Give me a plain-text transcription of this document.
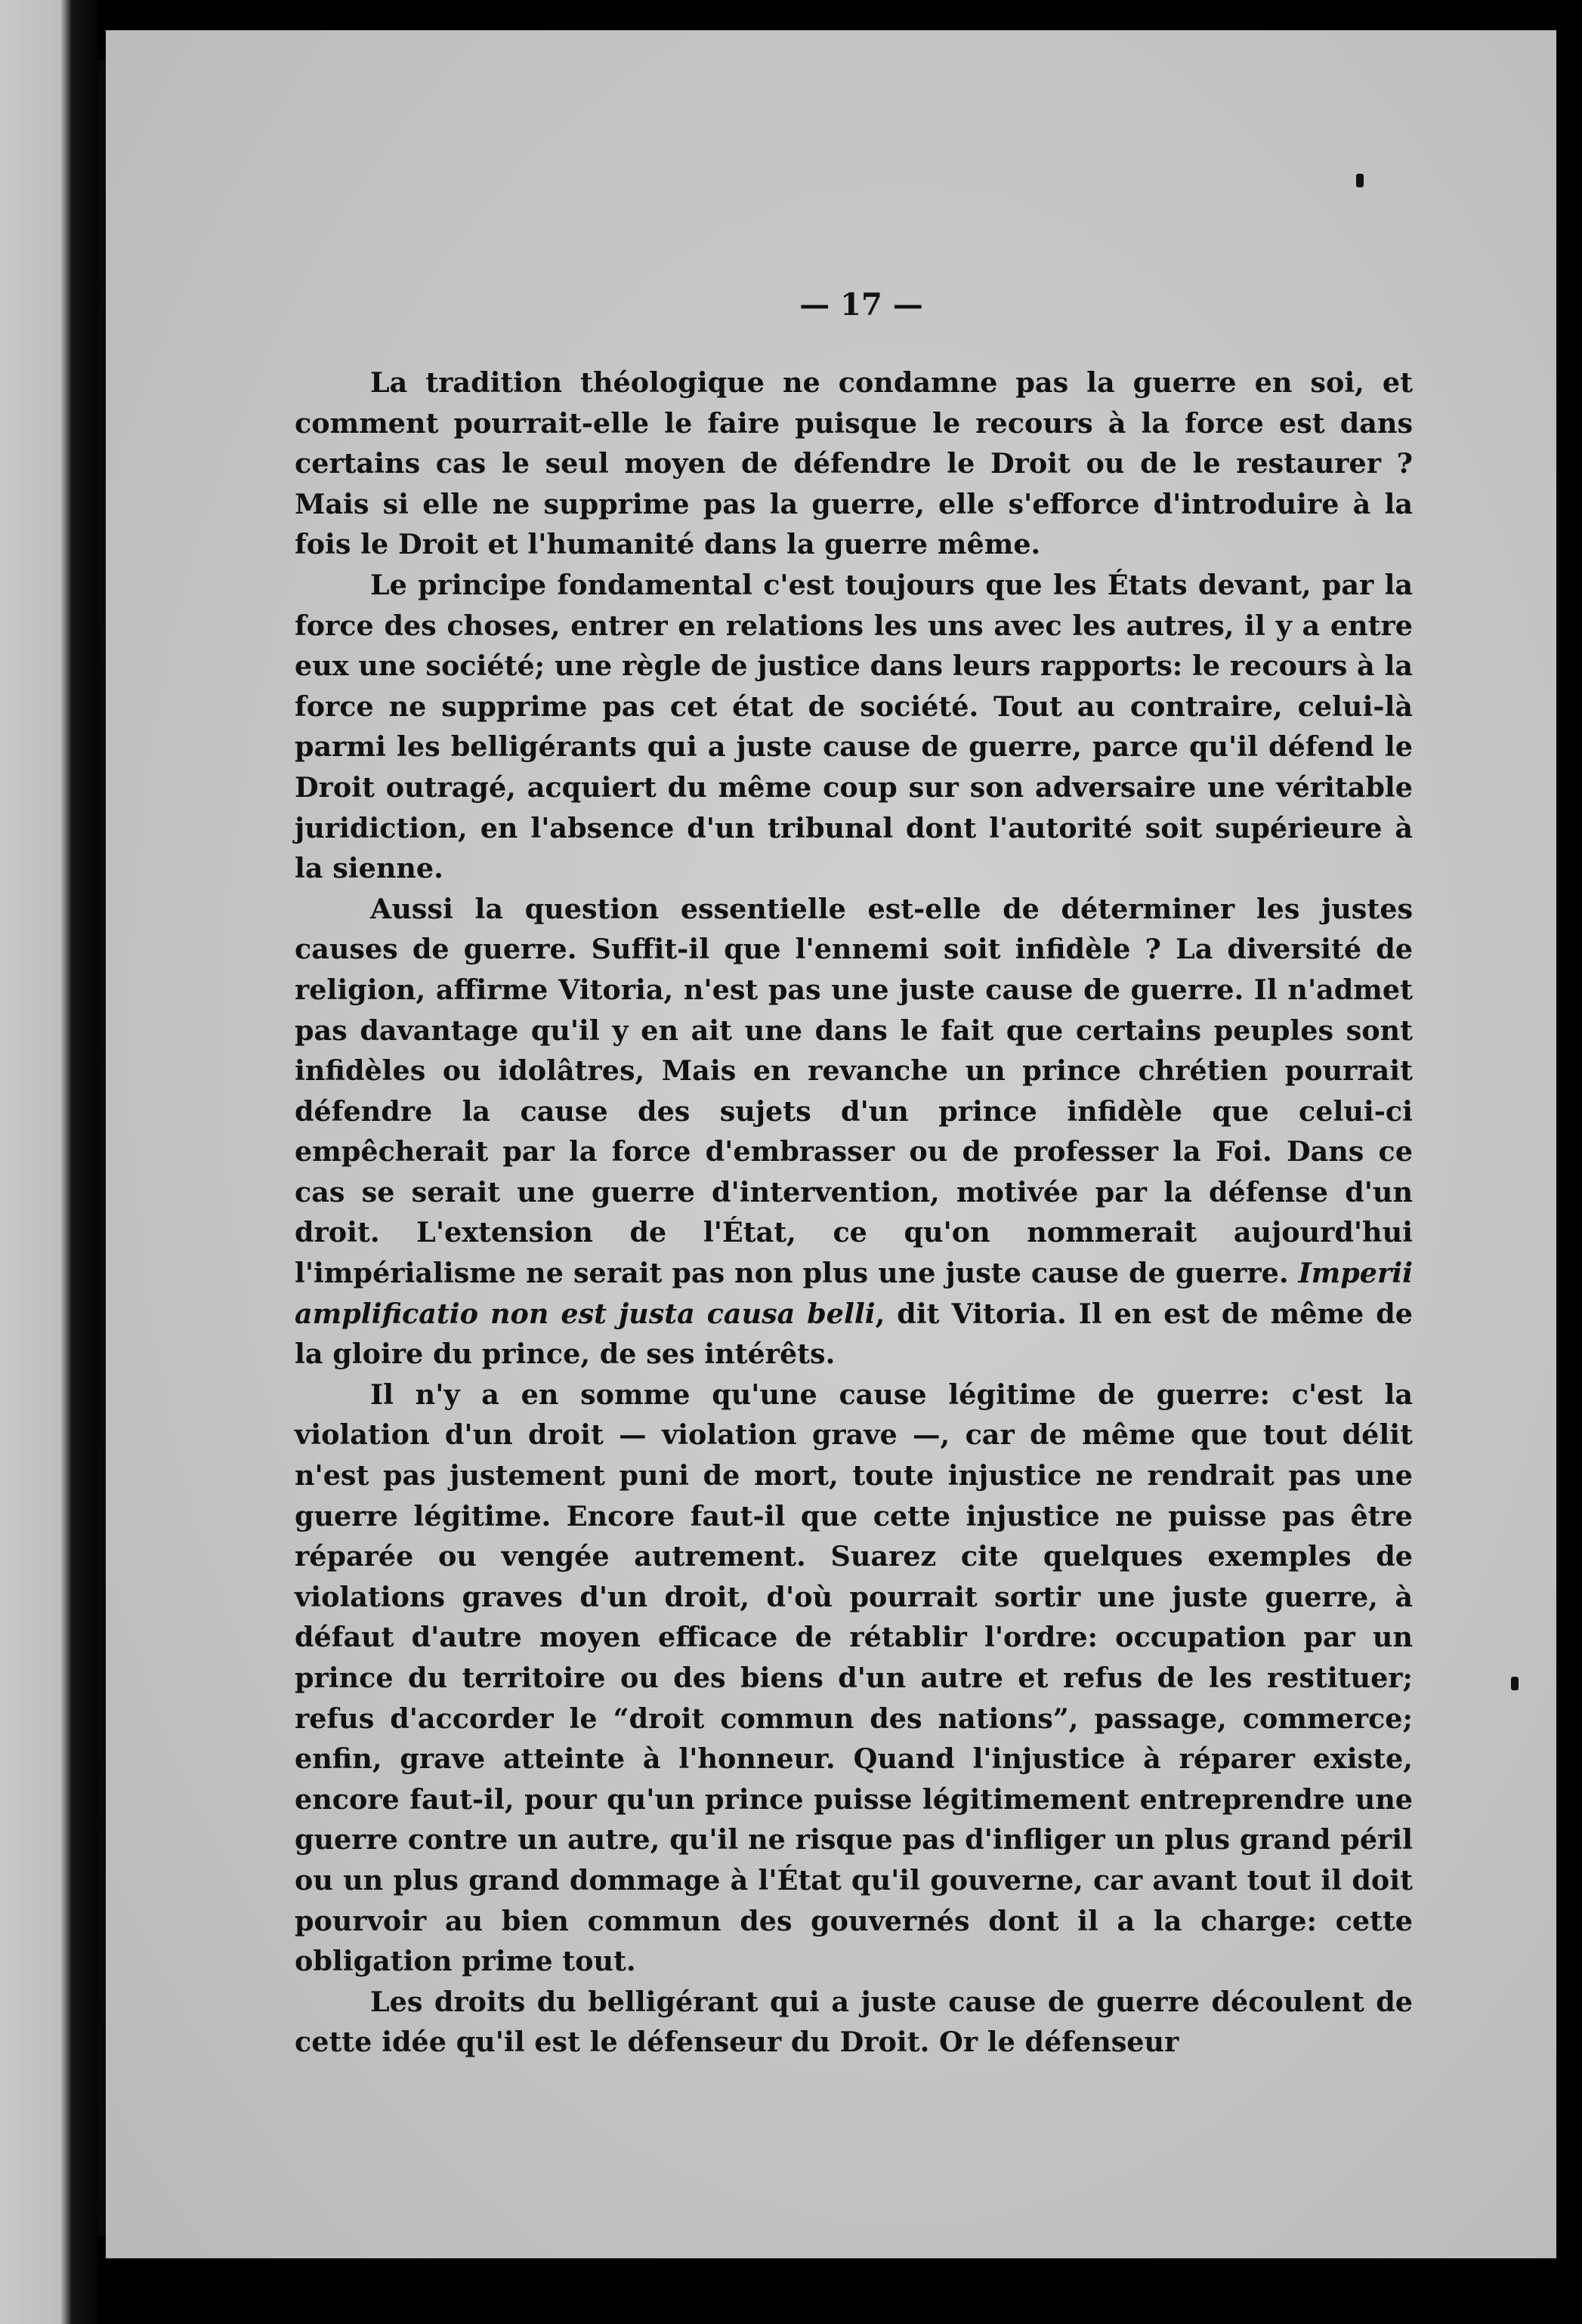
— 17 —

La tradition théologique ne condamne pas la guerre en soi, et comment pourrait-elle le faire puisque le recours à la force est dans certains cas le seul moyen de défendre le Droit ou de le restaurer ? Mais si elle ne supprime pas la guerre, elle s'efforce d'introduire à la fois le Droit et l'humanité dans la guerre même.

Le principe fondamental c'est toujours que les États devant, par la force des choses, entrer en relations les uns avec les autres, il y a entre eux une société; une règle de justice dans leurs rapports: le recours à la force ne supprime pas cet état de société. Tout au contraire, celui-là parmi les belligérants qui a juste cause de guerre, parce qu'il défend le Droit outragé, acquiert du même coup sur son adversaire une véritable juridiction, en l'absence d'un tribunal dont l'autorité soit supérieure à la sienne.

Aussi la question essentielle est-elle de déterminer les justes causes de guerre. Suffit-il que l'ennemi soit infidèle ? La diversité de religion, affirme Vitoria, n'est pas une juste cause de guerre. Il n'admet pas davantage qu'il y en ait une dans le fait que certains peuples sont infidèles ou idolâtres, Mais en revanche un prince chrétien pourrait défendre la cause des sujets d'un prince infidèle que celui-ci empêcherait par la force d'embrasser ou de professer la Foi. Dans ce cas se serait une guerre d'intervention, motivée par la défense d'un droit. L'extension de l'État, ce qu'on nommerait aujourd'hui l'impérialisme ne serait pas non plus une juste cause de guerre. Imperii amplificatio non est justa causa belli, dit Vitoria. Il en est de même de la gloire du prince, de ses intérêts.

Il n'y a en somme qu'une cause légitime de guerre: c'est la violation d'un droit — violation grave —, car de même que tout délit n'est pas justement puni de mort, toute injustice ne rendrait pas une guerre légitime. Encore faut-il que cette injustice ne puisse pas être réparée ou vengée autrement. Suarez cite quelques exemples de violations graves d'un droit, d'où pourrait sortir une juste guerre, à défaut d'autre moyen efficace de rétablir l'ordre: occupation par un prince du territoire ou des biens d'un autre et refus de les restituer; refus d'accorder le “droit commun des nations”, passage, commerce; enfin, grave atteinte à l'honneur. Quand l'injustice à réparer existe, encore faut-il, pour qu'un prince puisse légitimement entreprendre une guerre contre un autre, qu'il ne risque pas d'infliger un plus grand péril ou un plus grand dommage à l'État qu'il gouverne, car avant tout il doit pourvoir au bien commun des gouvernés dont il a la charge: cette obligation prime tout.

Les droits du belligérant qui a juste cause de guerre découlent de cette idée qu'il est le défenseur du Droit. Or le défenseur
